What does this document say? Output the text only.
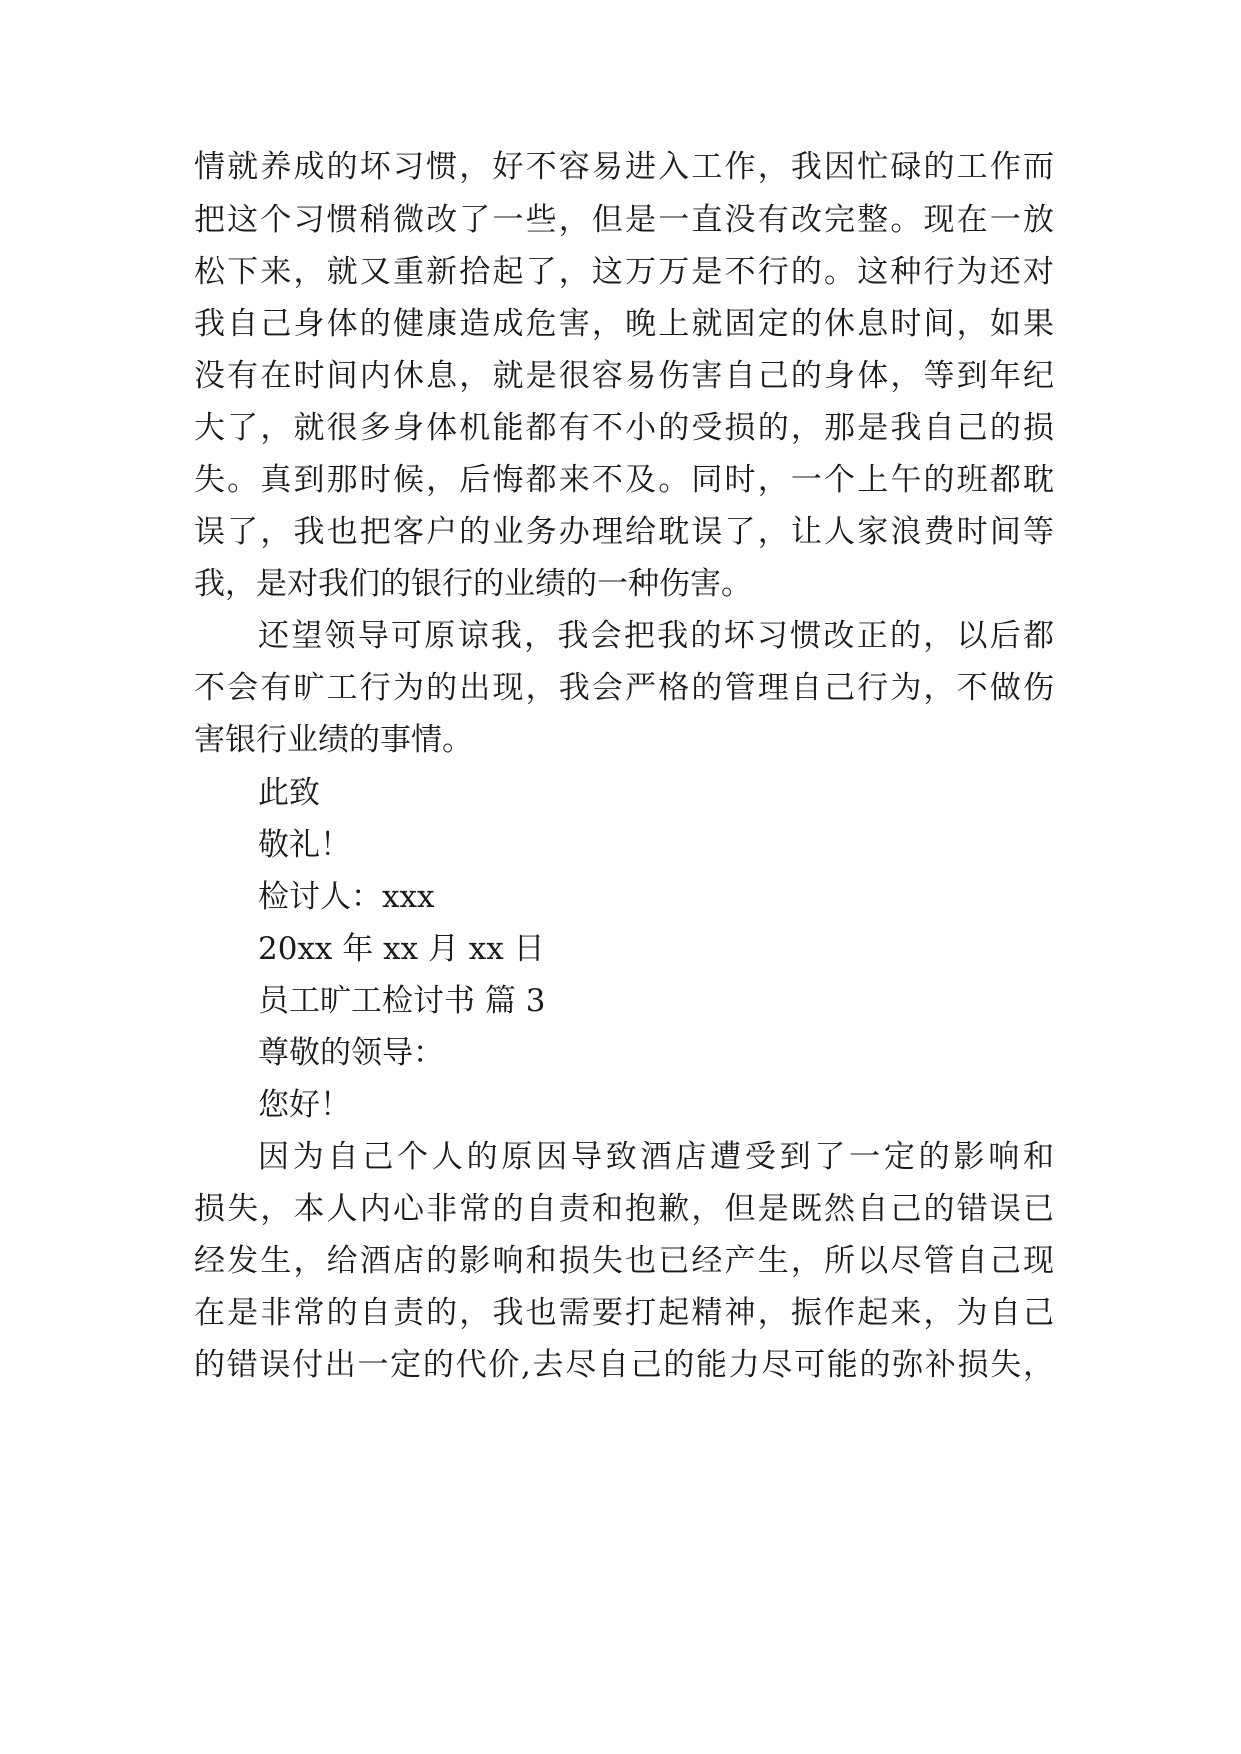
情就养成的坏习惯，好不容易进入工作，我因忙碌的工作而
把这个习惯稍微改了一些，但是一直没有改完整。现在一放
松下来，就又重新拾起了，这万万是不行的。这种行为还对
我自己身体的健康造成危害，晚上就固定的休息时间，如果
没有在时间内休息，就是很容易伤害自己的身体，等到年纪
大了，就很多身体机能都有不小的受损的，那是我自己的损
失。真到那时候，后悔都来不及。同时，一个上午的班都耽
误了，我也把客户的业务办理给耽误了，让人家浪费时间等
我，是对我们的银行的业绩的一种伤害。
还望领导可原谅我，我会把我的坏习惯改正的，以后都
不会有旷工行为的出现，我会严格的管理自己行为，不做伤
害银行业绩的事情。
此致
敬礼！
检讨人：xxx
20xx 年 xx 月 xx 日
员工旷工检讨书 篇 3
尊敬的领导：
您好！
因为自己个人的原因导致酒店遭受到了一定的影响和
损失，本人内心非常的自责和抱歉，但是既然自己的错误已
经发生，给酒店的影响和损失也已经产生，所以尽管自己现
在是非常的自责的，我也需要打起精神，振作起来，为自己
的错误付出一定的代价,去尽自己的能力尽可能的弥补损失，
